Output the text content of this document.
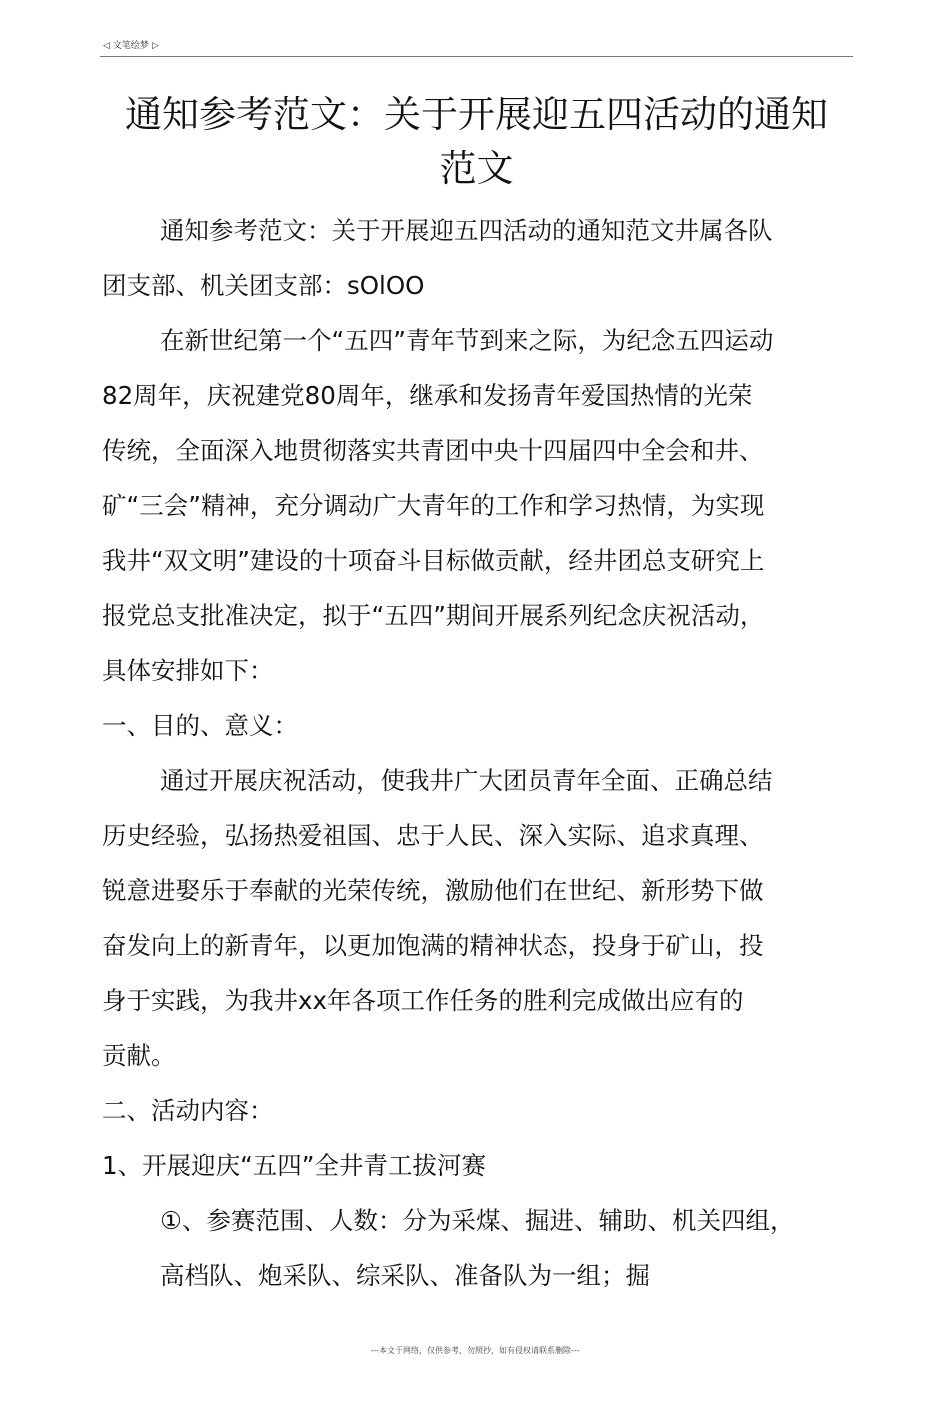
◁ 文笔绘梦 ▷
通知参考范文：关于开展迎五四活动的通知
范文

通知参考范文：关于开展迎五四活动的通知范文井属各队

团支部、机关团支部：sOlOO

在新世纪第一个“五四”青年节到来之际，为纪念五四运动

82周年，庆祝建党80周年，继承和发扬青年爱国热情的光荣

传统，全面深入地贯彻落实共青团中央十四届四中全会和井、

矿“三会”精神，充分调动广大青年的工作和学习热情，为实现

我井“双文明”建设的十项奋斗目标做贡献，经井团总支研究上

报党总支批准决定，拟于“五四”期间开展系列纪念庆祝活动，

具体安排如下：

一、目的、意义：

通过开展庆祝活动，使我井广大团员青年全面、正确总结

历史经验，弘扬热爱祖国、忠于人民、深入实际、追求真理、

锐意进娶乐于奉献的光荣传统，激励他们在世纪、新形势下做

奋发向上的新青年，以更加饱满的精神状态，投身于矿山，投

身于实践，为我井xx年各项工作任务的胜利完成做出应有的

贡献。

二、活动内容：

1、开展迎庆“五四”全井青工拔河赛

①、参赛范围、人数：分为采煤、掘进、辅助、机关四组，

高档队、炮采队、综采队、准备队为一组；掘

---本文于网络，仅供参考，勿照抄，如有侵权请联系删除---
